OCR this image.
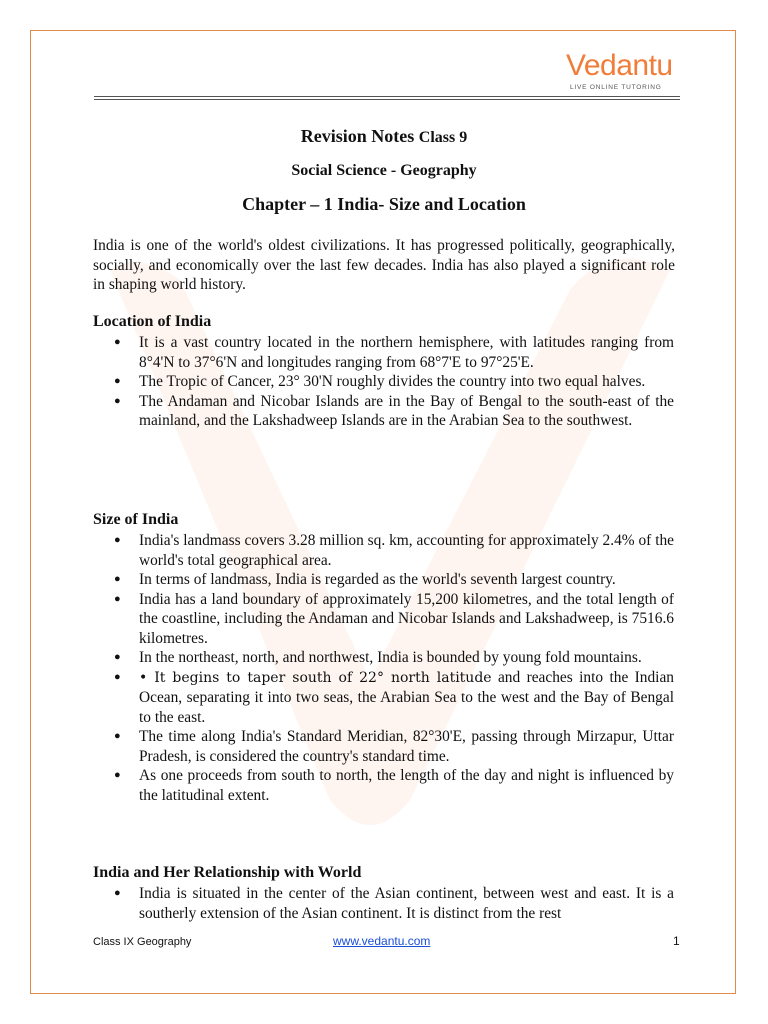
Vedantu
LIVE ONLINE TUTORING
Revision Notes Class 9
Social Science - Geography
Chapter – 1 India- Size and Location

India is one of the world's oldest civilizations. It has progressed politically, geographically, socially, and economically over the last few decades. India has also played a significant role in shaping world history.

Location of India
● It is a vast country located in the northern hemisphere, with latitudes ranging from 8°4'N to 37°6'N and longitudes ranging from 68°7'E to 97°25'E.
● The Tropic of Cancer, 23° 30'N roughly divides the country into two equal halves.
● The Andaman and Nicobar Islands are in the Bay of Bengal to the south-east of the mainland, and the Lakshadweep Islands are in the Arabian Sea to the southwest.
Size of India
● India's landmass covers 3.28 million sq. km, accounting for approximately 2.4% of the world's total geographical area.
● In terms of landmass, India is regarded as the world's seventh largest country.
● India has a land boundary of approximately 15,200 kilometres, and the total length of the coastline, including the Andaman and Nicobar Islands and Lakshadweep, is 7516.6 kilometres.
● In the northeast, north, and northwest, India is bounded by young fold mountains.
● • It begins to taper south of 22° north latitude and reaches into the Indian Ocean, separating it into two seas, the Arabian Sea to the west and the Bay of Bengal to the east.
● The time along India's Standard Meridian, 82°30'E, passing through Mirzapur, Uttar Pradesh, is considered the country's standard time.
● As one proceeds from south to north, the length of the day and night is influenced by the latitudinal extent.
India and Her Relationship with World
● India is situated in the center of the Asian continent, between west and east. It is a southerly extension of the Asian continent. It is distinct from the rest
Class IX Geography	www.vedantu.com	1
